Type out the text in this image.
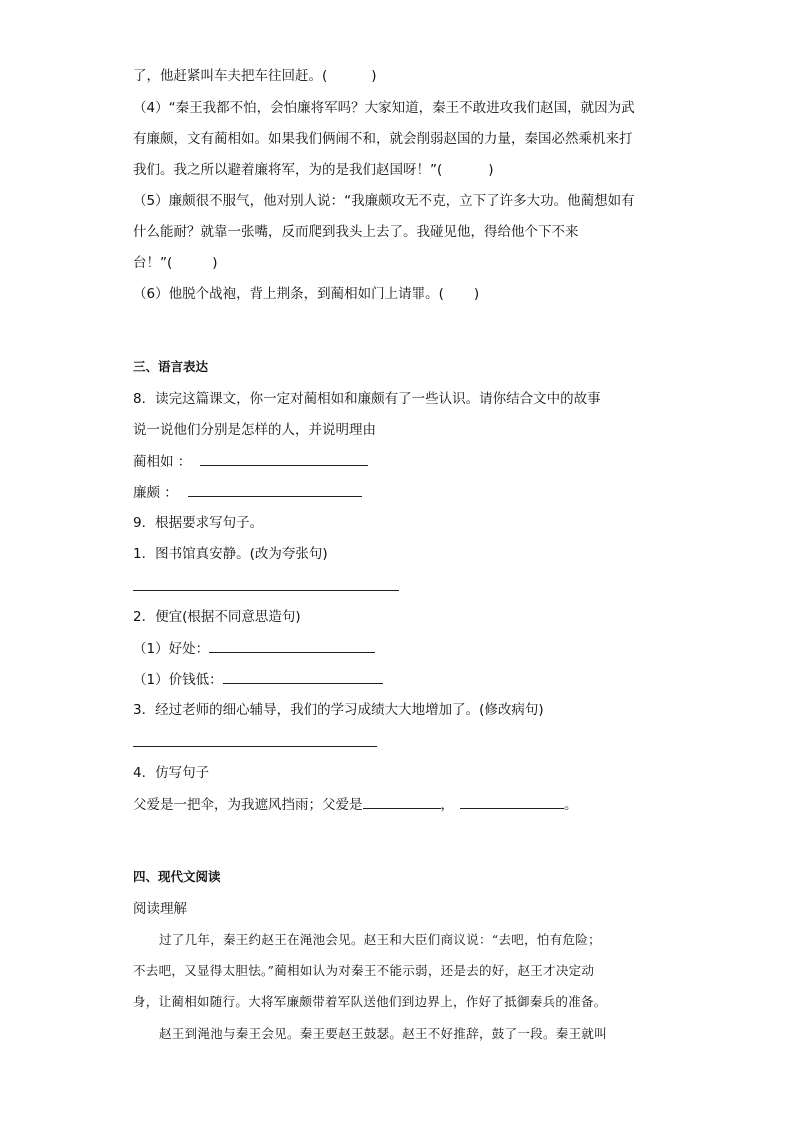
了，他赶紧叫车夫把车往回赶。(	)
（4）“秦王我都不怕，会怕廉将军吗？大家知道，秦王不敢进攻我们赵国，就因为武
有廉颇，文有蔺相如。如果我们俩闹不和，就会削弱赵国的力量，秦国必然乘机来打
我们。我之所以避着廉将军，为的是我们赵国呀！”(	)
（5）廉颇很不服气，他对别人说：“我廉颇攻无不克，立下了许多大功。他蔺想如有
什么能耐？就靠一张嘴，反而爬到我头上去了。我碰见他，得给他个下不来
台！”(	)
（6）他脱个战袍，背上荆条，到蔺相如门上请罪。( )
三、语言表达
8．读完这篇课文，你一定对蔺相如和廉颇有了一些认识。请你结合文中的故事
说一说他们分别是怎样的人，并说明理由
蔺相如 ：
廉颇 ：
9．根据要求写句子。
1．图书馆真安静。(改为夸张句)
2．便宜(根据不同意思造句)
（1）好处：
（1）价钱低：
3．经过老师的细心辅导，我们的学习成绩大大地增加了。(修改病句)
4．仿写句子
父爱是一把伞，为我遮风挡雨；父爱是	，	。
四、现代文阅读
阅读理解
过了几年，秦王约赵王在渑池会见。赵王和大臣们商议说：“去吧，怕有危险；
不去吧，又显得太胆怯。”蔺相如认为对秦王不能示弱，还是去的好，赵王才决定动
身，让蔺相如随行。大将军廉颇带着军队送他们到边界上，作好了抵御秦兵的准备。
赵王到渑池与秦王会见。秦王要赵王鼓瑟。赵王不好推辞，鼓了一段。秦王就叫
